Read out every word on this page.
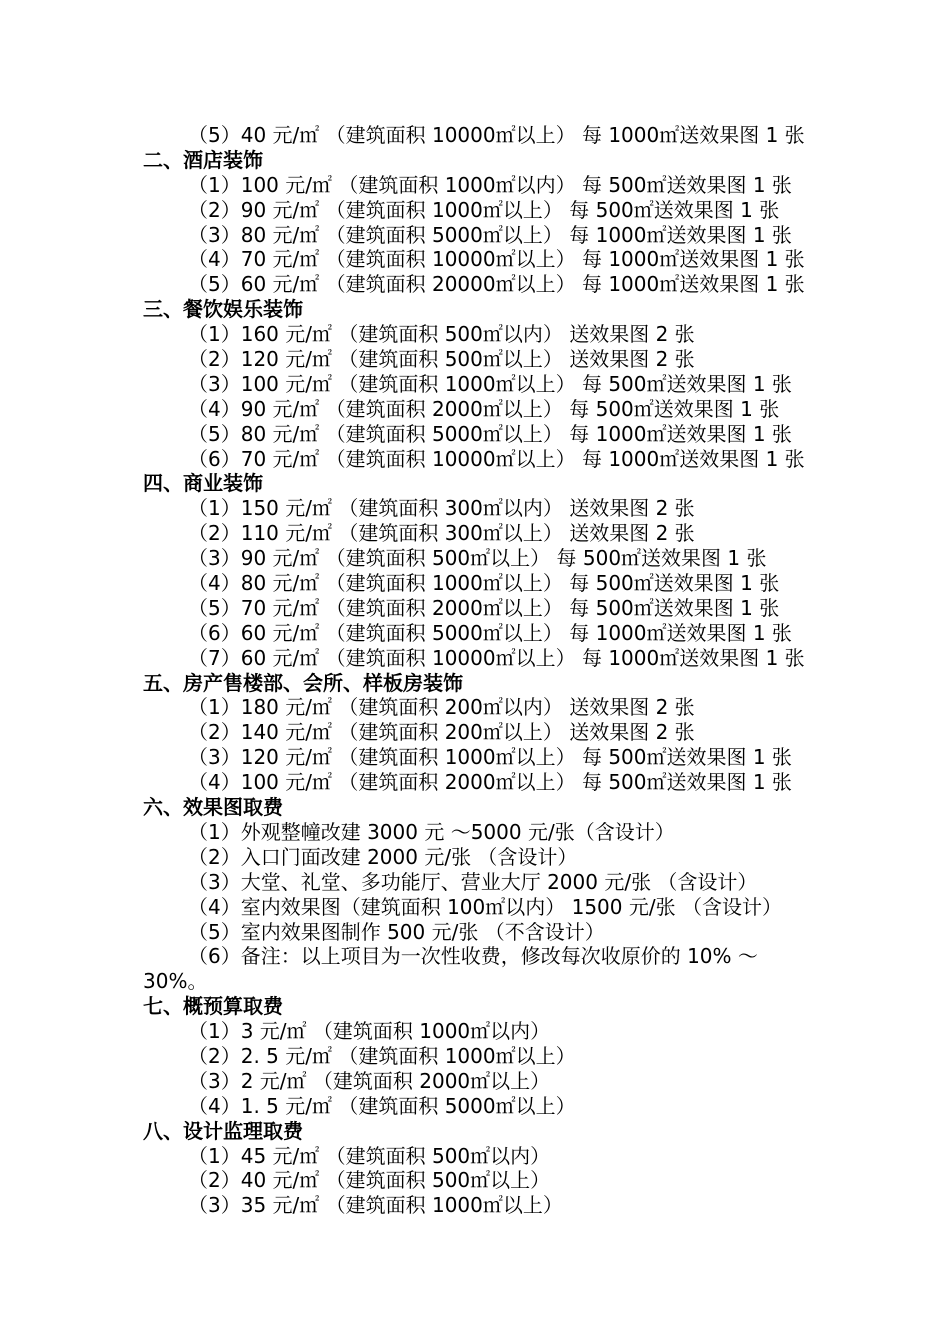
（5）40 元/㎡ （建筑面积 10000㎡以上） 每 1000㎡送效果图 1 张
二、酒店装饰
（1）100 元/㎡ （建筑面积 1000㎡以内） 每 500㎡送效果图 1 张
（2）90 元/㎡ （建筑面积 1000㎡以上） 每 500㎡送效果图 1 张
（3）80 元/㎡ （建筑面积 5000㎡以上） 每 1000㎡送效果图 1 张
（4）70 元/㎡ （建筑面积 10000㎡以上） 每 1000㎡送效果图 1 张
（5）60 元/㎡ （建筑面积 20000㎡以上） 每 1000㎡送效果图 1 张
三、餐饮娱乐装饰
（1）160 元/㎡ （建筑面积 500㎡以内） 送效果图 2 张
（2）120 元/㎡ （建筑面积 500㎡以上） 送效果图 2 张
（3）100 元/㎡ （建筑面积 1000㎡以上） 每 500㎡送效果图 1 张
（4）90 元/㎡ （建筑面积 2000㎡以上） 每 500㎡送效果图 1 张
（5）80 元/㎡ （建筑面积 5000㎡以上） 每 1000㎡送效果图 1 张
（6）70 元/㎡ （建筑面积 10000㎡以上） 每 1000㎡送效果图 1 张
四、商业装饰
（1）150 元/㎡ （建筑面积 300㎡以内） 送效果图 2 张
（2）110 元/㎡ （建筑面积 300㎡以上） 送效果图 2 张
（3）90 元/㎡ （建筑面积 500㎡以上） 每 500㎡送效果图 1 张
（4）80 元/㎡ （建筑面积 1000㎡以上） 每 500㎡送效果图 1 张
（5）70 元/㎡ （建筑面积 2000㎡以上） 每 500㎡送效果图 1 张
（6）60 元/㎡ （建筑面积 5000㎡以上） 每 1000㎡送效果图 1 张
（7）60 元/㎡ （建筑面积 10000㎡以上） 每 1000㎡送效果图 1 张
五、房产售楼部、会所、样板房装饰
（1）180 元/㎡ （建筑面积 200㎡以内） 送效果图 2 张
（2）140 元/㎡ （建筑面积 200㎡以上） 送效果图 2 张
（3）120 元/㎡ （建筑面积 1000㎡以上） 每 500㎡送效果图 1 张
（4）100 元/㎡ （建筑面积 2000㎡以上） 每 500㎡送效果图 1 张
六、效果图取费
（1）外观整幢改建 3000 元 ～5000 元/张（含设计）
（2）入口门面改建 2000 元/张 （含设计）
（3）大堂、礼堂、多功能厅、营业大厅 2000 元/张 （含设计）
（4）室内效果图（建筑面积 100㎡以内） 1500 元/张 （含设计）
（5）室内效果图制作 500 元/张 （不含设计）
（6）备注：以上项目为一次性收费，修改每次收原价的 10% ～
30%。
七、概预算取费
（1）3 元/㎡ （建筑面积 1000㎡以内）
（2）2. 5 元/㎡ （建筑面积 1000㎡以上）
（3）2 元/㎡ （建筑面积 2000㎡以上）
（4）1. 5 元/㎡ （建筑面积 5000㎡以上）
八、设计监理取费
（1）45 元/㎡ （建筑面积 500㎡以内）
（2）40 元/㎡ （建筑面积 500㎡以上）
（3）35 元/㎡ （建筑面积 1000㎡以上）
